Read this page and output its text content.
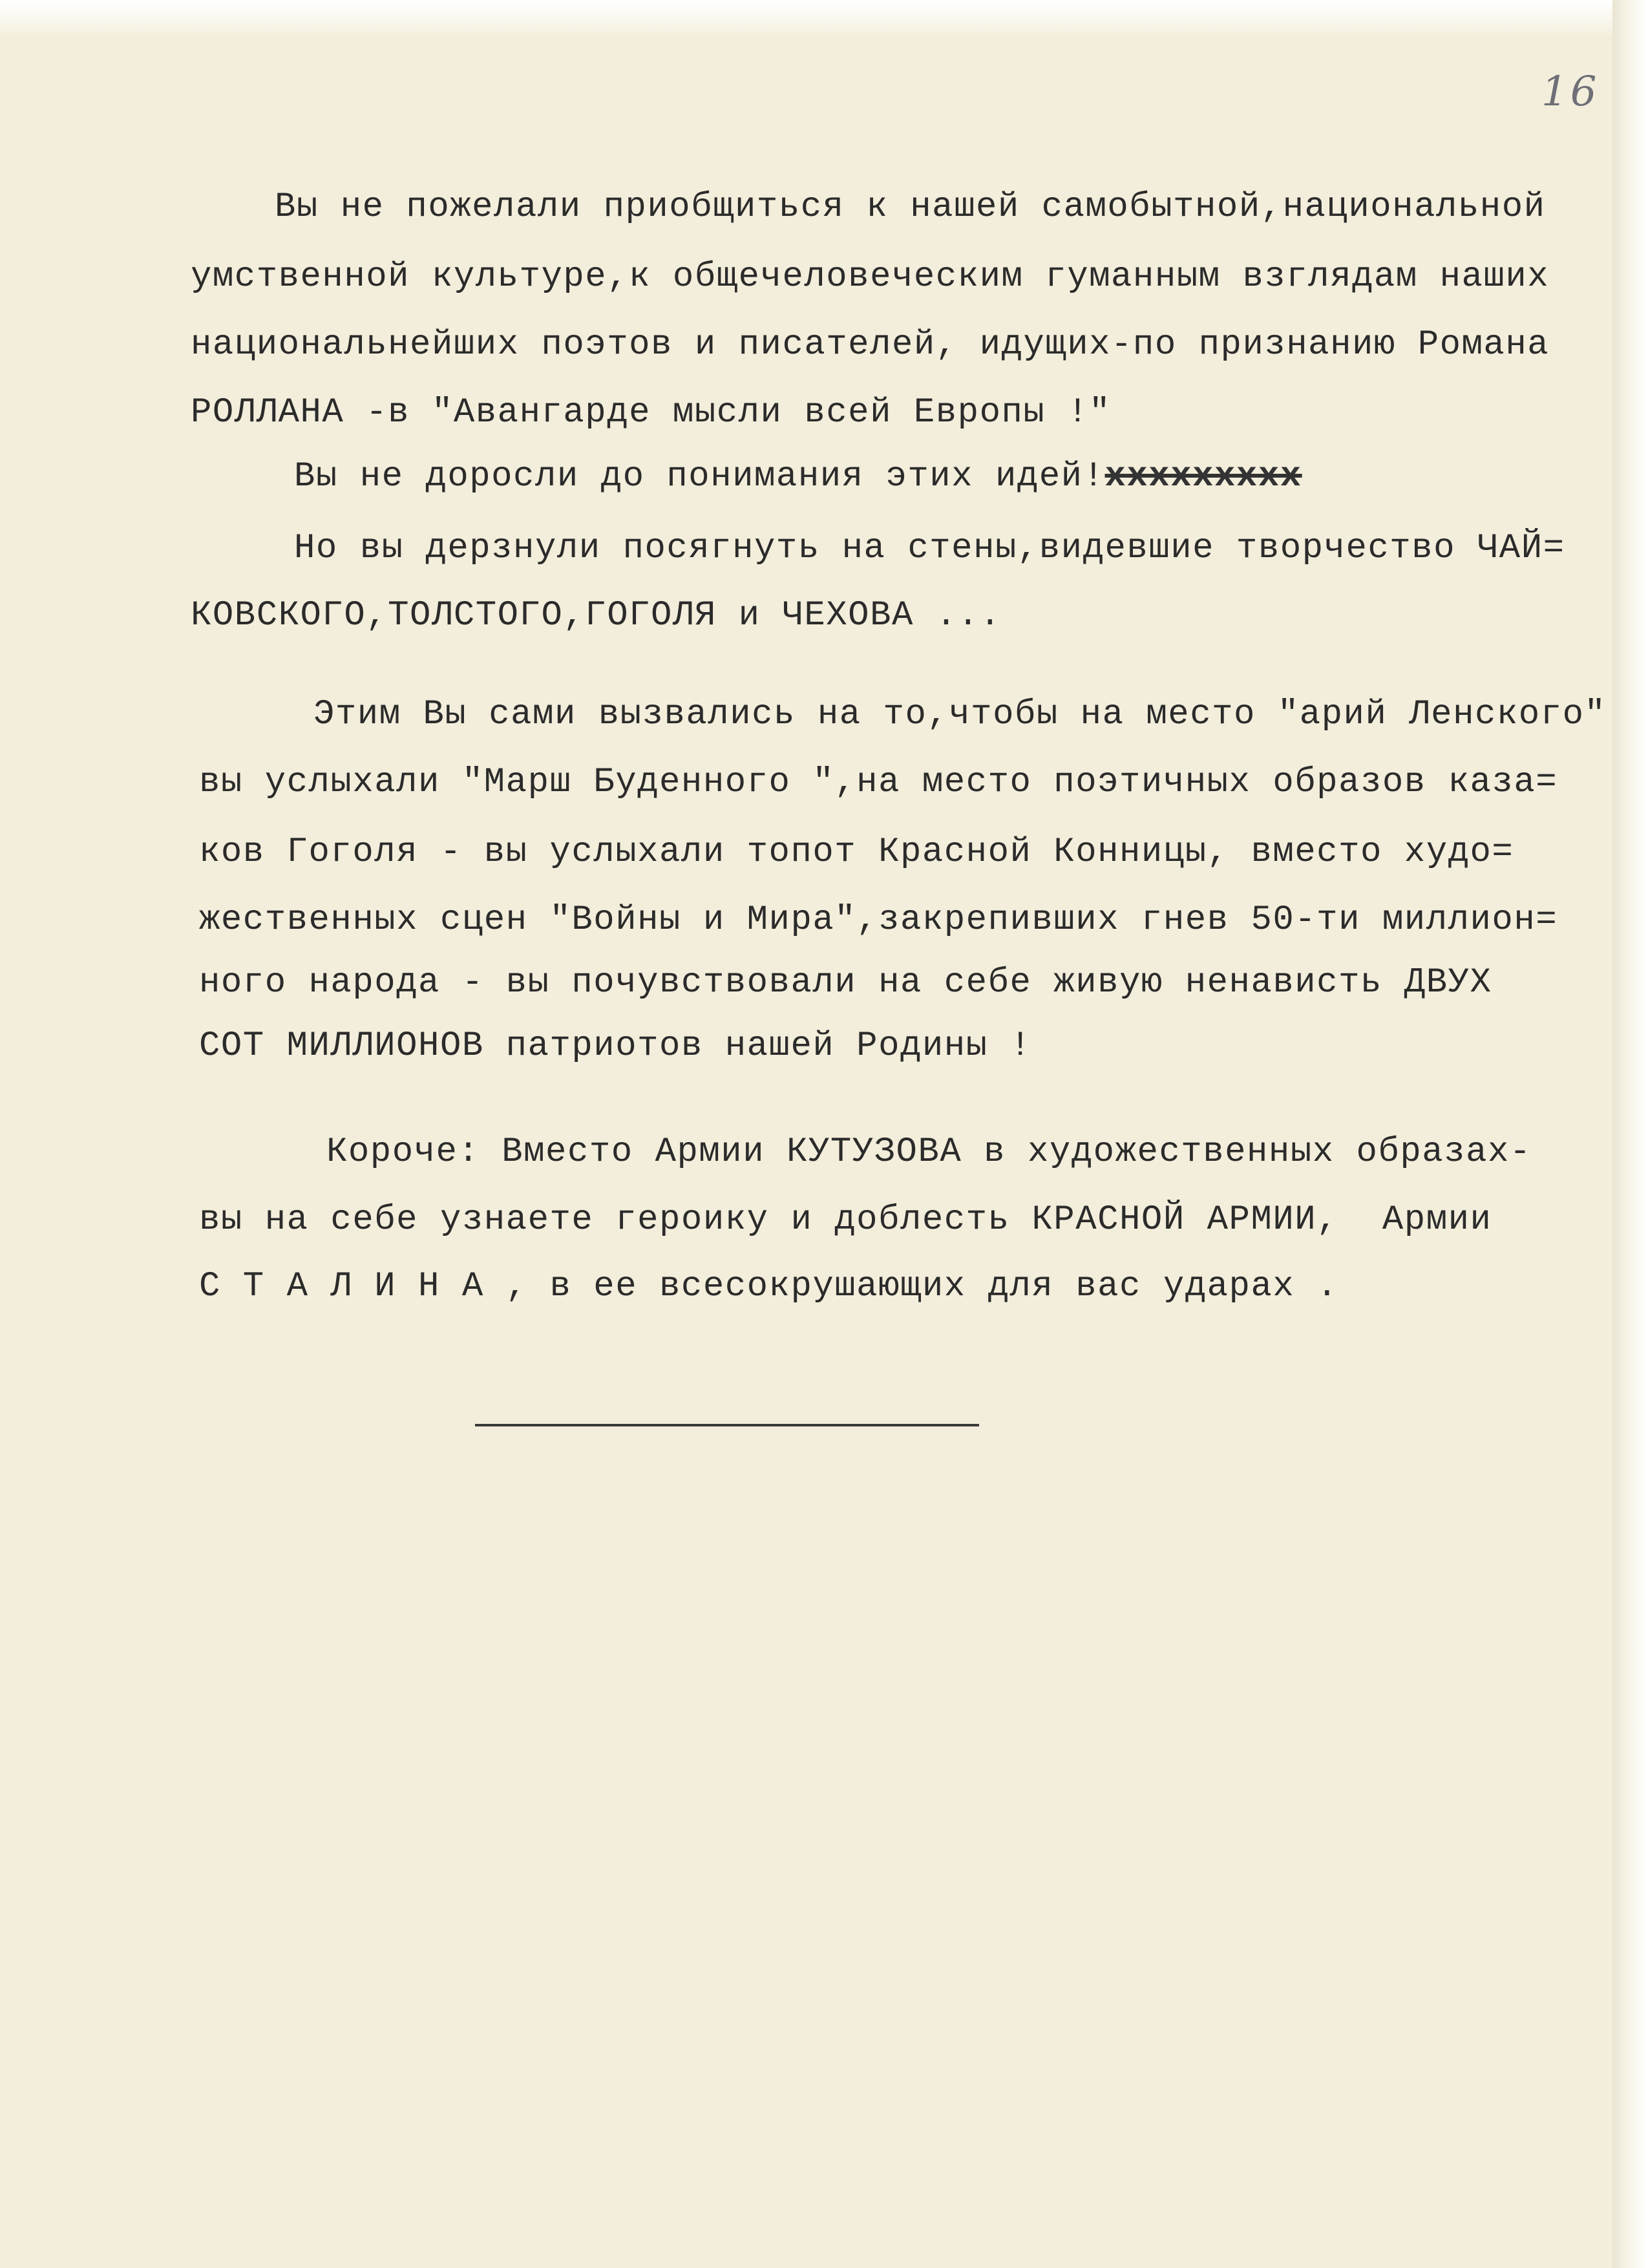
16
Вы не пожелали приобщиться к нашей самобытной,национальной
умственной культуре,к общечеловеческим гуманным взглядам наших
национальнейших поэтов и писателей, идущих-по признанию Романа
РОЛЛАНА -в "Авангарде мысли всей Европы !"
Вы не доросли до понимания этих идей!ххххххххх
Но вы дерзнули посягнуть на стены,видевшие творчество ЧАЙ=
КОВСКОГО,ТОЛСТОГО,ГОГОЛЯ и ЧЕХОВА ...
Этим Вы сами вызвались на то,чтобы на место "арий Ленского"
вы услыхали "Марш Буденного ",на место поэтичных образов каза=
ков Гоголя - вы услыхали топот Красной Конницы, вместо худо=
жественных сцен "Войны и Мира",закрепивших гнев 50-ти миллион=
ного народа - вы почувствовали на себе живую ненависть ДВУХ
СОТ МИЛЛИОНОВ патриотов нашей Родины !
Короче: Вместо Армии КУТУЗОВА в художественных образах-
вы на себе узнаете героику и доблесть КРАСНОЙ АРМИИ,  Армии
С Т А Л И Н А , в ее всесокрушающих для вас ударах .
